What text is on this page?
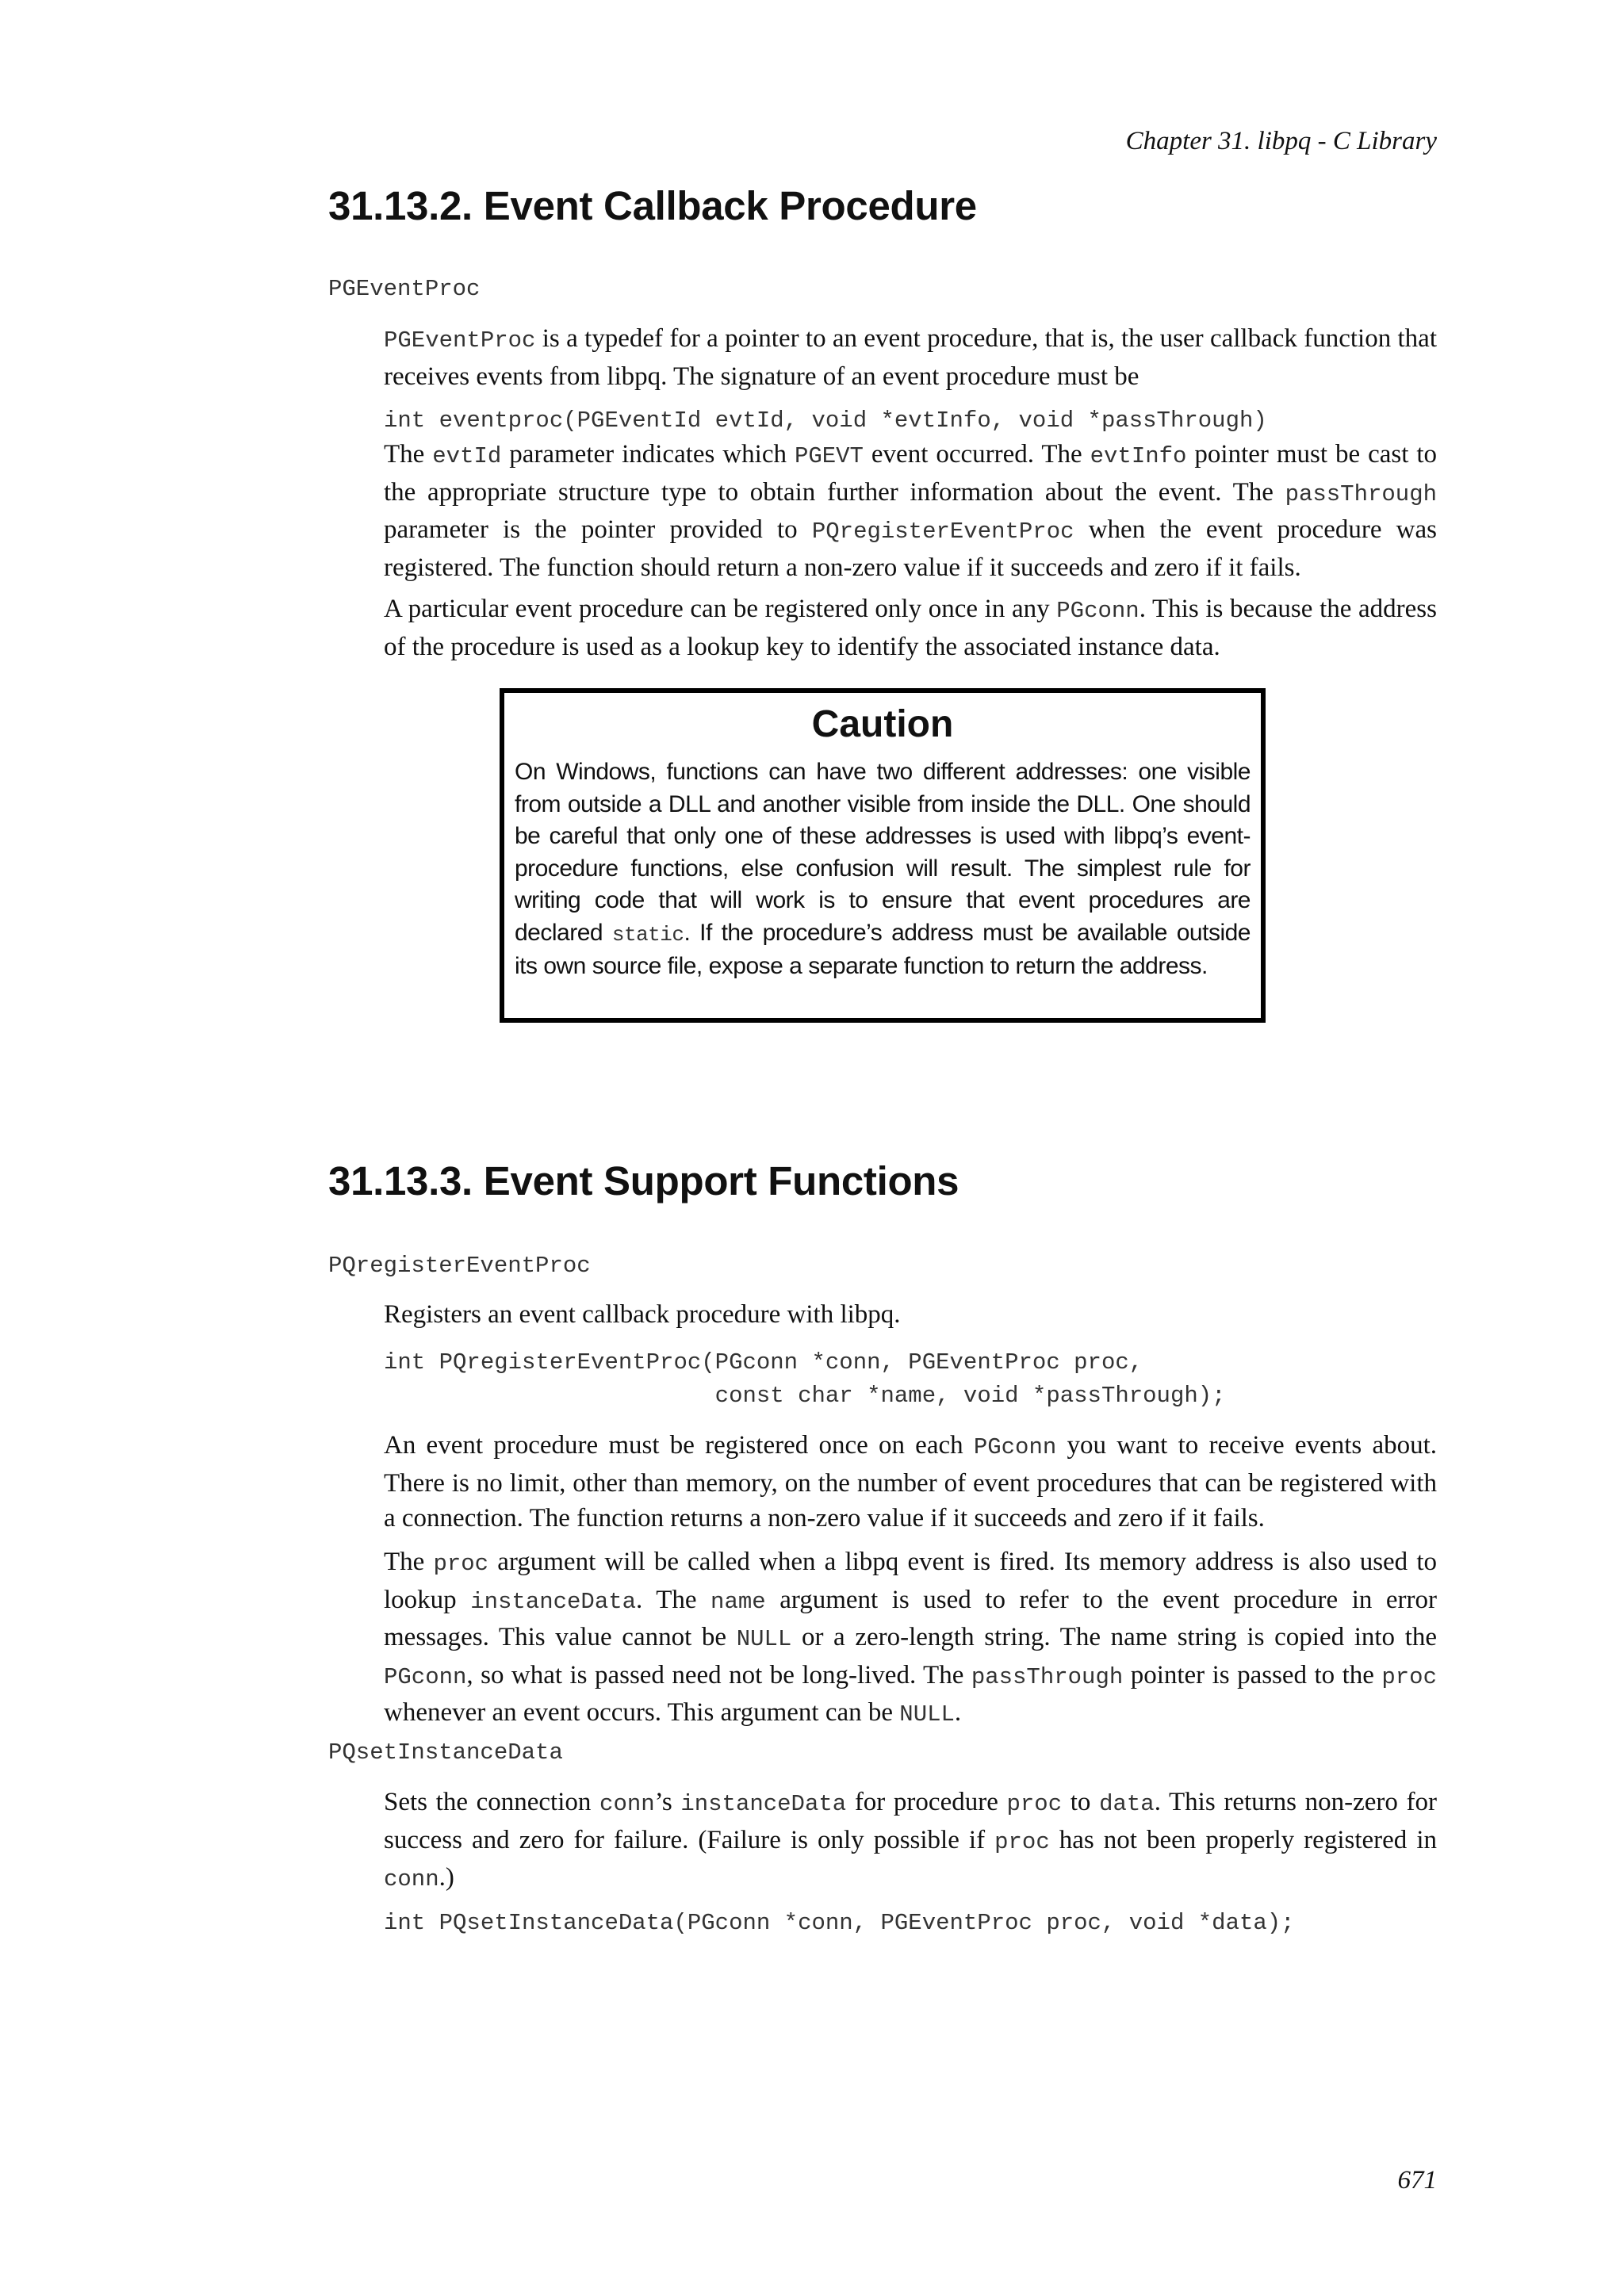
Chapter 31. libpq - C Library
31.13.2. Event Callback Procedure
PGEventProc

PGEventProc is a typedef for a pointer to an event procedure, that is, the user callback function that receives events from libpq. The signature of an event procedure must be

int eventproc(PGEventId evtId, void *evtInfo, void *passThrough)

The evtId parameter indicates which PGEVT event occurred. The evtInfo pointer must be cast to the appropriate structure type to obtain further information about the event. The passThrough parameter is the pointer provided to PQregisterEventProc when the event procedure was registered. The function should return a non-zero value if it succeeds and zero if it fails.

A particular event procedure can be registered only once in any PGconn. This is because the address of the procedure is used as a lookup key to identify the associated instance data.

Caution

On Windows, functions can have two different addresses: one visible from outside a DLL and another visible from inside the DLL. One should be careful that only one of these addresses is used with libpq’s event-procedure functions, else confusion will result. The simplest rule for writing code that will work is to ensure that event procedures are declared static. If the procedure’s address must be available outside its own source file, expose a separate function to return the address.

31.13.3. Event Support Functions
PQregisterEventProc

Registers an event callback procedure with libpq.

int PQregisterEventProc(PGconn *conn, PGEventProc proc,
const char *name, void *passThrough);

An event procedure must be registered once on each PGconn you want to receive events about. There is no limit, other than memory, on the number of event procedures that can be registered with a connection. The function returns a non-zero value if it succeeds and zero if it fails.

The proc argument will be called when a libpq event is fired. Its memory address is also used to lookup instanceData. The name argument is used to refer to the event procedure in error messages. This value cannot be NULL or a zero-length string. The name string is copied into the PGconn, so what is passed need not be long-lived. The passThrough pointer is passed to the proc whenever an event occurs. This argument can be NULL.

PQsetInstanceData

Sets the connection conn’s instanceData for procedure proc to data. This returns non-zero for success and zero for failure. (Failure is only possible if proc has not been properly registered in conn.)

int PQsetInstanceData(PGconn *conn, PGEventProc proc, void *data);
671
